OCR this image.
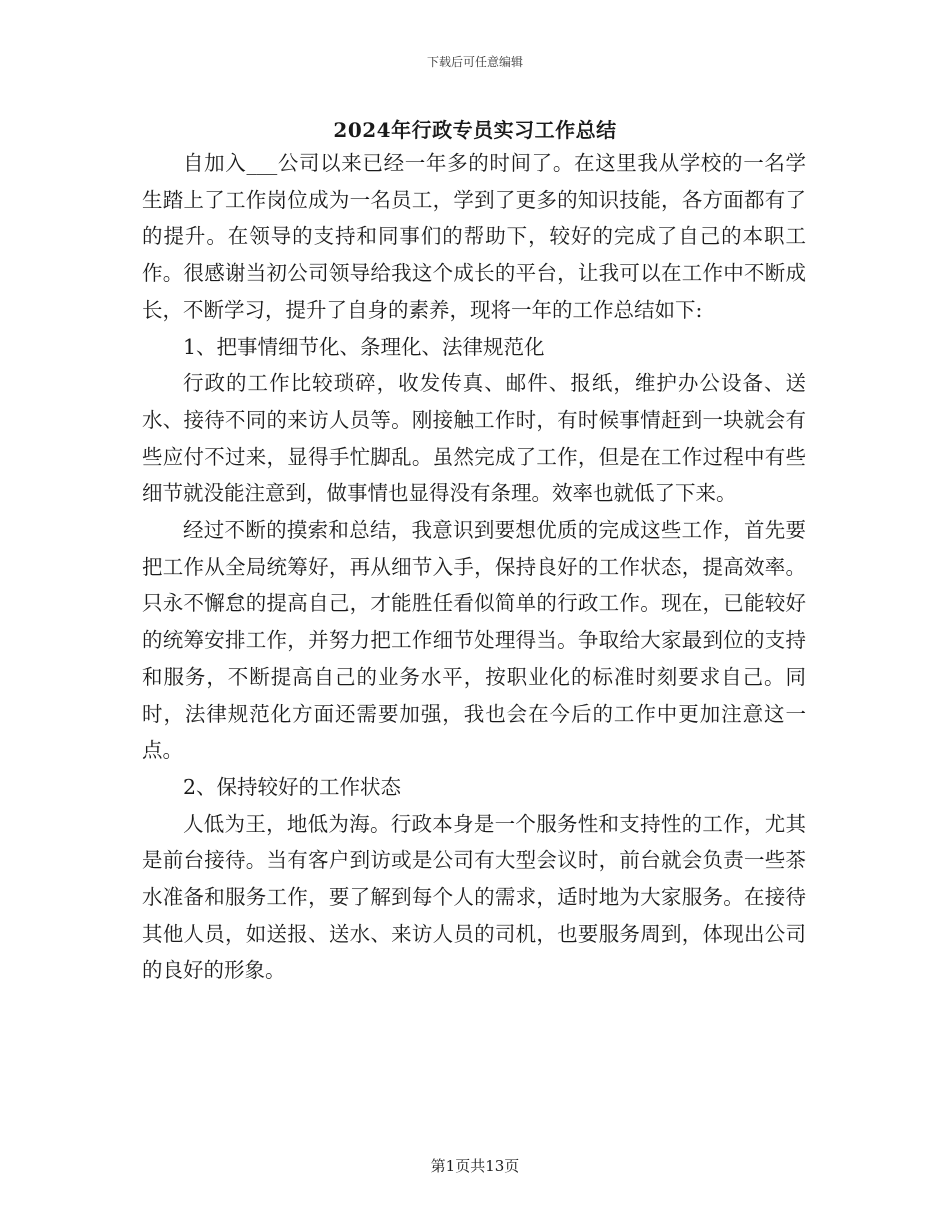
下载后可任意编辑
2024年行政专员实习工作总结

自加入___公司以来已经一年多的时间了。在这里我从学校的一名学生踏上了工作岗位成为一名员工，学到了更多的知识技能，各方面都有了的提升。在领导的支持和同事们的帮助下，较好的完成了自己的本职工作。很感谢当初公司领导给我这个成长的平台，让我可以在工作中不断成长，不断学习，提升了自身的素养，现将一年的工作总结如下:

1、把事情细节化、条理化、法律规范化

行政的工作比较琐碎，收发传真、邮件、报纸，维护办公设备、送水、接待不同的来访人员等。刚接触工作时，有时候事情赶到一块就会有些应付不过来，显得手忙脚乱。虽然完成了工作，但是在工作过程中有些细节就没能注意到，做事情也显得没有条理。效率也就低了下来。

经过不断的摸索和总结，我意识到要想优质的完成这些工作，首先要把工作从全局统筹好，再从细节入手，保持良好的工作状态，提高效率。只永不懈怠的提高自己，才能胜任看似简单的行政工作。现在，已能较好的统筹安排工作，并努力把工作细节处理得当。争取给大家最到位的支持和服务，不断提高自己的业务水平，按职业化的标准时刻要求自己。同时，法律规范化方面还需要加强，我也会在今后的工作中更加注意这一点。

2、保持较好的工作状态

人低为王，地低为海。行政本身是一个服务性和支持性的工作，尤其是前台接待。当有客户到访或是公司有大型会议时，前台就会负责一些茶水准备和服务工作，要了解到每个人的需求，适时地为大家服务。在接待其他人员，如送报、送水、来访人员的司机，也要服务周到，体现出公司的良好的形象。

第1页共13页
